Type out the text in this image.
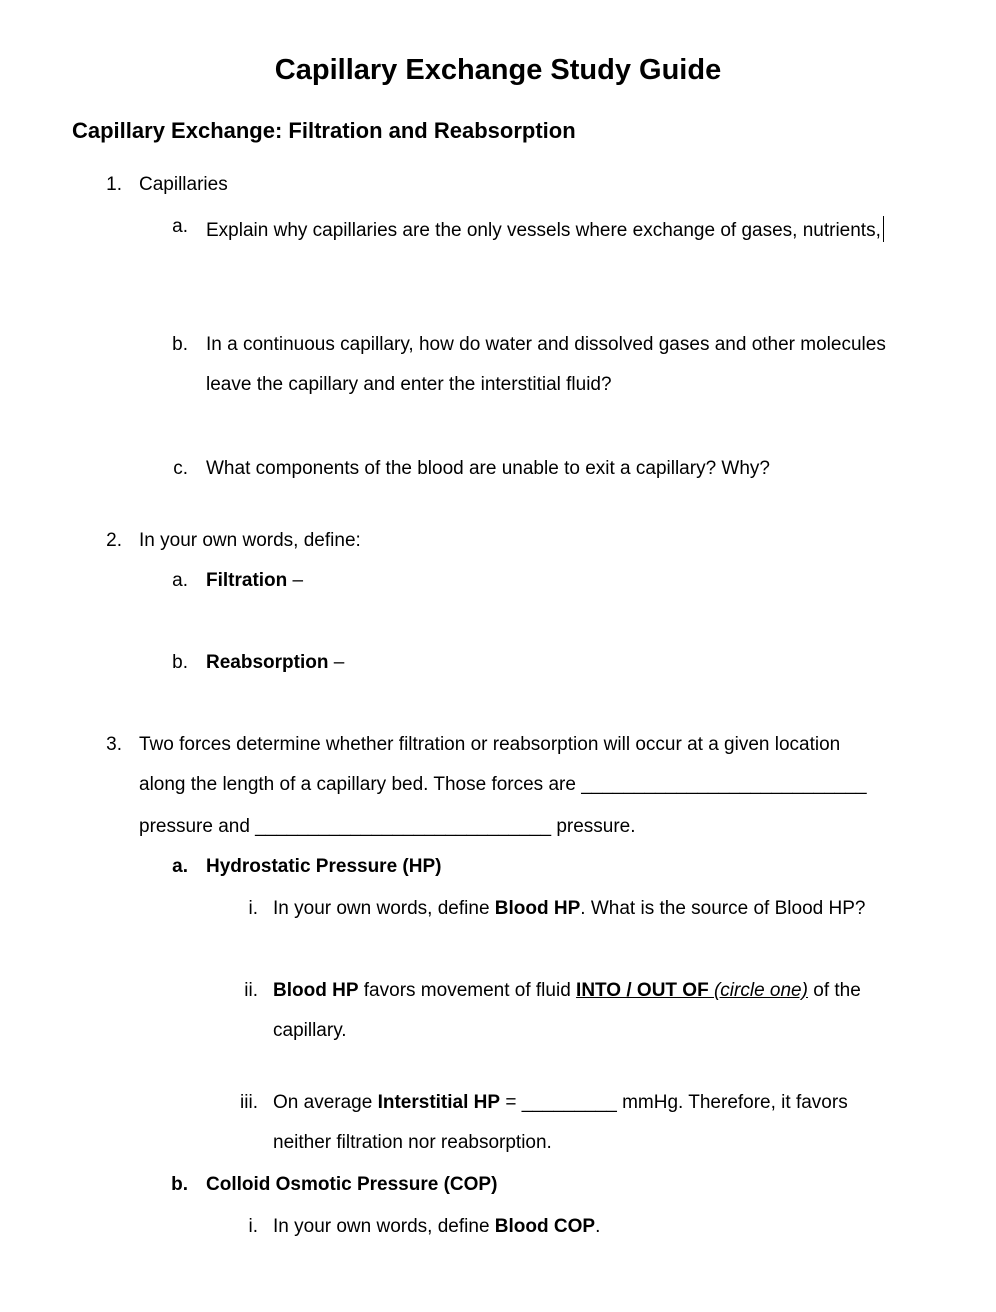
Capillary Exchange Study Guide
Capillary Exchange: Filtration and Reabsorption
1. Capillaries
a. Explain why capillaries are the only vessels where exchange of gases, nutrients,
b. In a continuous capillary, how do water and dissolved gases and other molecules
leave the capillary and enter the interstitial fluid?
c. What components of the blood are unable to exit a capillary? Why?
2. In your own words, define:
a. Filtration –
b. Reabsorption –
3. Two forces determine whether filtration or reabsorption will occur at a given location
along the length of a capillary bed. Those forces are ___________________________
pressure and ____________________________ pressure.
a. Hydrostatic Pressure (HP)
i. In your own words, define Blood HP. What is the source of Blood HP?
ii. Blood HP favors movement of fluid INTO / OUT OF (circle one) of the
capillary.
iii. On average Interstitial HP = _________ mmHg. Therefore, it favors
neither filtration nor reabsorption.
b. Colloid Osmotic Pressure (COP)
i. In your own words, define Blood COP.
